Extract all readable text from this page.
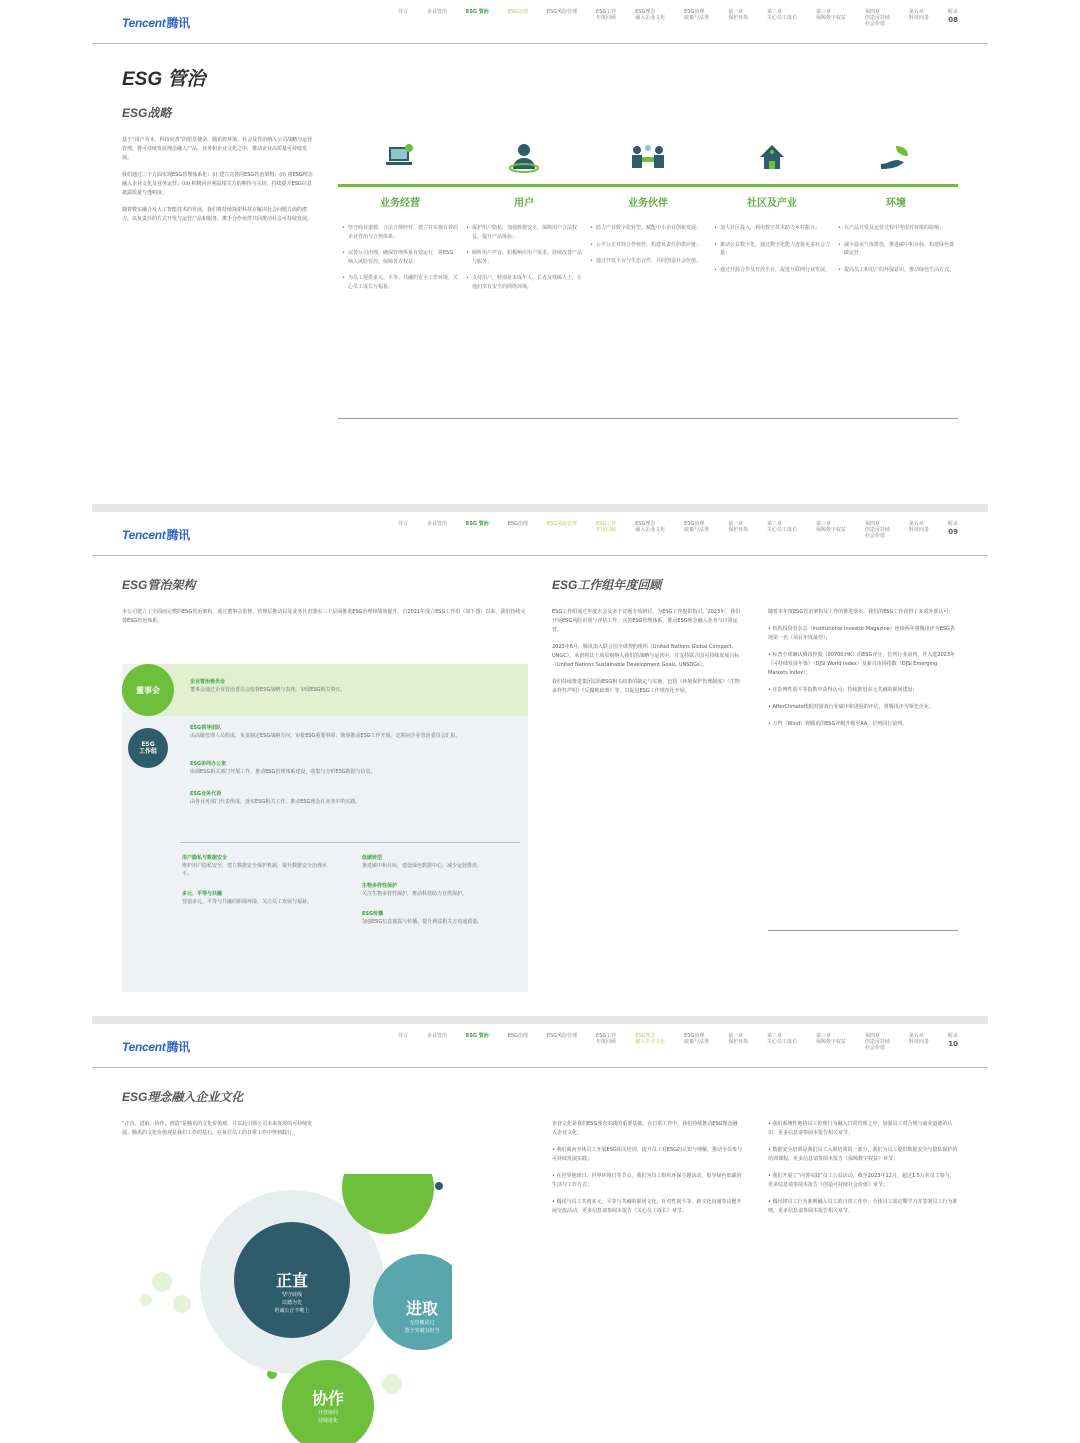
Tencent腾讯
导言	企业管治	ESG 管治	ESG治理	ESG风险管理	ESG工作
年度回顾
ESG理念
融入企业文化
ESG治理
政策与法规
第一章
保护环境
第二章
关心员工成长
第三章
保障数字权益
第四章
创造可持续
社会价值
第五章
科技向善
附录
08
ESG 管治
ESG战略

基于“用户为本，科技向善”的愿景使命，腾讯将环境、社会及管治纳入公司战略与运营管理，将可持续发展理念融入产品、业务和企业文化之中，推动企业高质量可持续发展。

我们通过三个方面实现ESG管理体系化：(i) 建立完善的ESG管治架构；(ii) 将ESG理念融入企业文化及业务运营；(iii) 积极回应利益相关方的期待与关切，持续提升ESG信息披露质量与透明度。

随着数实融合及人工智能技术的发展，我们将持续探索科技在解决社会问题方面的潜力，以负责任的方式开发与运营产品和服务，携手合作伙伴共同推动社会可持续发展。

业务经营
• 坚守商业道德，合法合规经营，建立并实施有效的企业管治与合规体系；
• 完善公司治理，确保管理体系有效运行，将ESG纳入风险管控，保障各方权益；
• 为员工提供多元、平等、共融的安全工作环境，关心员工成长与福祉。
用户
• 保护用户隐私，加强数据安全，保障用户合法权益，提升产品体验；
• 倾听用户声音，积极响应用户需求，持续改善产品与服务；
• 支持用户，特别是未成年人、长者及残障人士，让他们享有安全的网络环境。
业务伙伴
• 助力产业数字化转型，赋能中小企业创新发展；
• 公平公正对待合作伙伴，构建负责任的供应链；
• 通过开放平台与生态合作，共同创造社会价值。
社区及产业
• 加大社区投入，利用数字技术助力乡村振兴；
• 推动公益数字化，通过数字化能力连接更多社会力量；
• 通过开源合作及开放平台，促进互联网行业发展。
环境
• 在产品开发及运营过程中考虑对环境的影响；
• 减少温室气体排放，推进碳中和目标，构建绿色低碳运营；
• 提高员工和用户的环保意识，推动绿色生活方式。
Tencent腾讯
导言	企业管治	ESG 管治	ESG治理	ESG风险管理	ESG工作
年度回顾
ESG理念
融入企业文化
ESG治理
政策与法规
第一章
保护环境
第二章
关心员工成长
第三章
保障数字权益
第四章
创造可持续
社会价值
第五章
科技向善
附录
09
ESG管治架构	ESG工作组年度回顾
本公司建立了全面而完整的ESG管治架构，通过董事会监督、管理层推动以及业务代表落实三个层面推进ESG治理和绩效提升。自2021年成立ESG工作组（如下图）以来，我们持续完善ESG管治体系。
董事会
企业管治委员会
董事会通过企业管治委员会监督ESG战略与表现，审阅ESG相关事宜。
ESG
工作组
ESG领导团队
由高级管理人员组成，负责制定ESG战略方向，审批ESG重要事项；统筹推动ESG工作开展，定期向企业管治委员会汇报。
ESG协同办公室
协调ESG相关部门开展工作，推动ESG管理体系建设，收集与分析ESG数据与信息。
ESG业务代表
由各业务部门代表组成，落实ESG相关工作，推动ESG理念在业务中的实践。
用户隐私与数据安全
维护用户隐私安全，建立数据安全保护机制，提升数据安全治理水平。
多元、平等与共融
营造多元、平等与共融的职场环境，关注员工发展与福祉。
低碳转型
推进碳中和目标，建设绿色数据中心，减少运营排放。
生物多样性保护
关注生物多样性保护，推动科技助力自然保护。
ESG传播
加强ESG信息披露与传播，提升利益相关方沟通质量。

ESG工作组通过年度大会及多个议题专项研讨，为ESG工作提供指引。2023年，我们开展ESG风险识别与评估工作，完善ESG管理体系，推动ESG理念融入业务与日常运营。

2023年6月，腾讯加入联合国全球契约组织（United Nations Global Compact, UNGC），承诺将其十项原则纳入我们的战略与运营中，并支持联合国可持续发展目标（United Nations Sustainable Development Goals, UNSDGs）。

我们持续推进集团层面ESG相关政策的制定与实施，包括《环境保护管理制度》《生物多样性声明》《反腐败政策》等，以促进ESG工作规范化开展。

随着本年度ESG管治架构及工作的推进落实，我们的ESG工作获得了多项外部认可：

• 机构投资者杂志（Institutional Investor Magazine）连续两年将腾讯评为ESG表现第一名（项目年度最佳）；

• 标普全球确认腾讯控股（00700.HK）的ESG评分，位列行业前列，并入选2023年《可持续发展年鉴》（DJSI World Index）及新兴市场指数（DJSI Emerging Markets Index）；

• 在彭博性别平等指数中获得认可，持续推进多元共融的职场建设；

• AfterClimate根据对游戏行业碳中和进展的评估，将腾讯评为领先企业；

• 万得（Wind）将腾讯的ESG评级升级至AA，位列同行前列。

Tencent腾讯
导言	企业管治	ESG 管治	ESG治理	ESG风险管理	ESG工作
年度回顾
ESG理念
融入企业文化
ESG治理
政策与法规
第一章
保护环境
第二章
关心员工成长
第三章
保障数字权益
第四章
创造可持续
社会价值
第五章
科技向善
附录
10
ESG理念融入企业文化
“正直、进取、协作、创造”是腾讯的文化价值观，并以此引领公司未来发展的可持续发展。腾讯的文化价值观是我们工作的基石，在每位员工的日常工作中得到践行。
创造
超越创新
探索未来
正直
坚守底线
以德为先
坦诚公正不唯上	进取
无功便是过
勇于突破有担当
协作
开放协同
持续进化

企业文化是我们ESG理念实践的重要基础。在日常工作中，我们持续推动ESG理念融入企业文化：

• 我们面向全体员工开展ESG相关培训，提升员工对ESG的认知与理解，推动全员参与可持续发展实践；

• 在世界地球日、世界环境日等节点，我们为员工组织环保主题活动，倡导绿色低碳的生活与工作方式；

• 腾讯与员工共创多元、平等与共融的职场文化，针对性别平等、跨文化沟通等议题开展交流活动，更多信息请参阅本报告《关心员工成长》章节。

• 我们系统性地将员工伦理行为融入日常管理之中，加强员工对合规与商业道德的认识，更多信息请参阅本报告相关章节；

• 数据安全培训是我们员工入职培训的一部分，我们为员工提供数据安全与隐私保护的培训课程，更多信息请参阅本报告《保障数字权益》章节；

• 我们开展了“向善实践”员工公益活动，截至2023年12月，超过1.5万名员工参与，更多信息请参阅本报告《创造可持续社会价值》章节；

• 腾讯将员工行为准则融入员工的日常工作中，全体员工需定期学习并签署员工行为准则，更多信息请参阅本报告相关章节。
